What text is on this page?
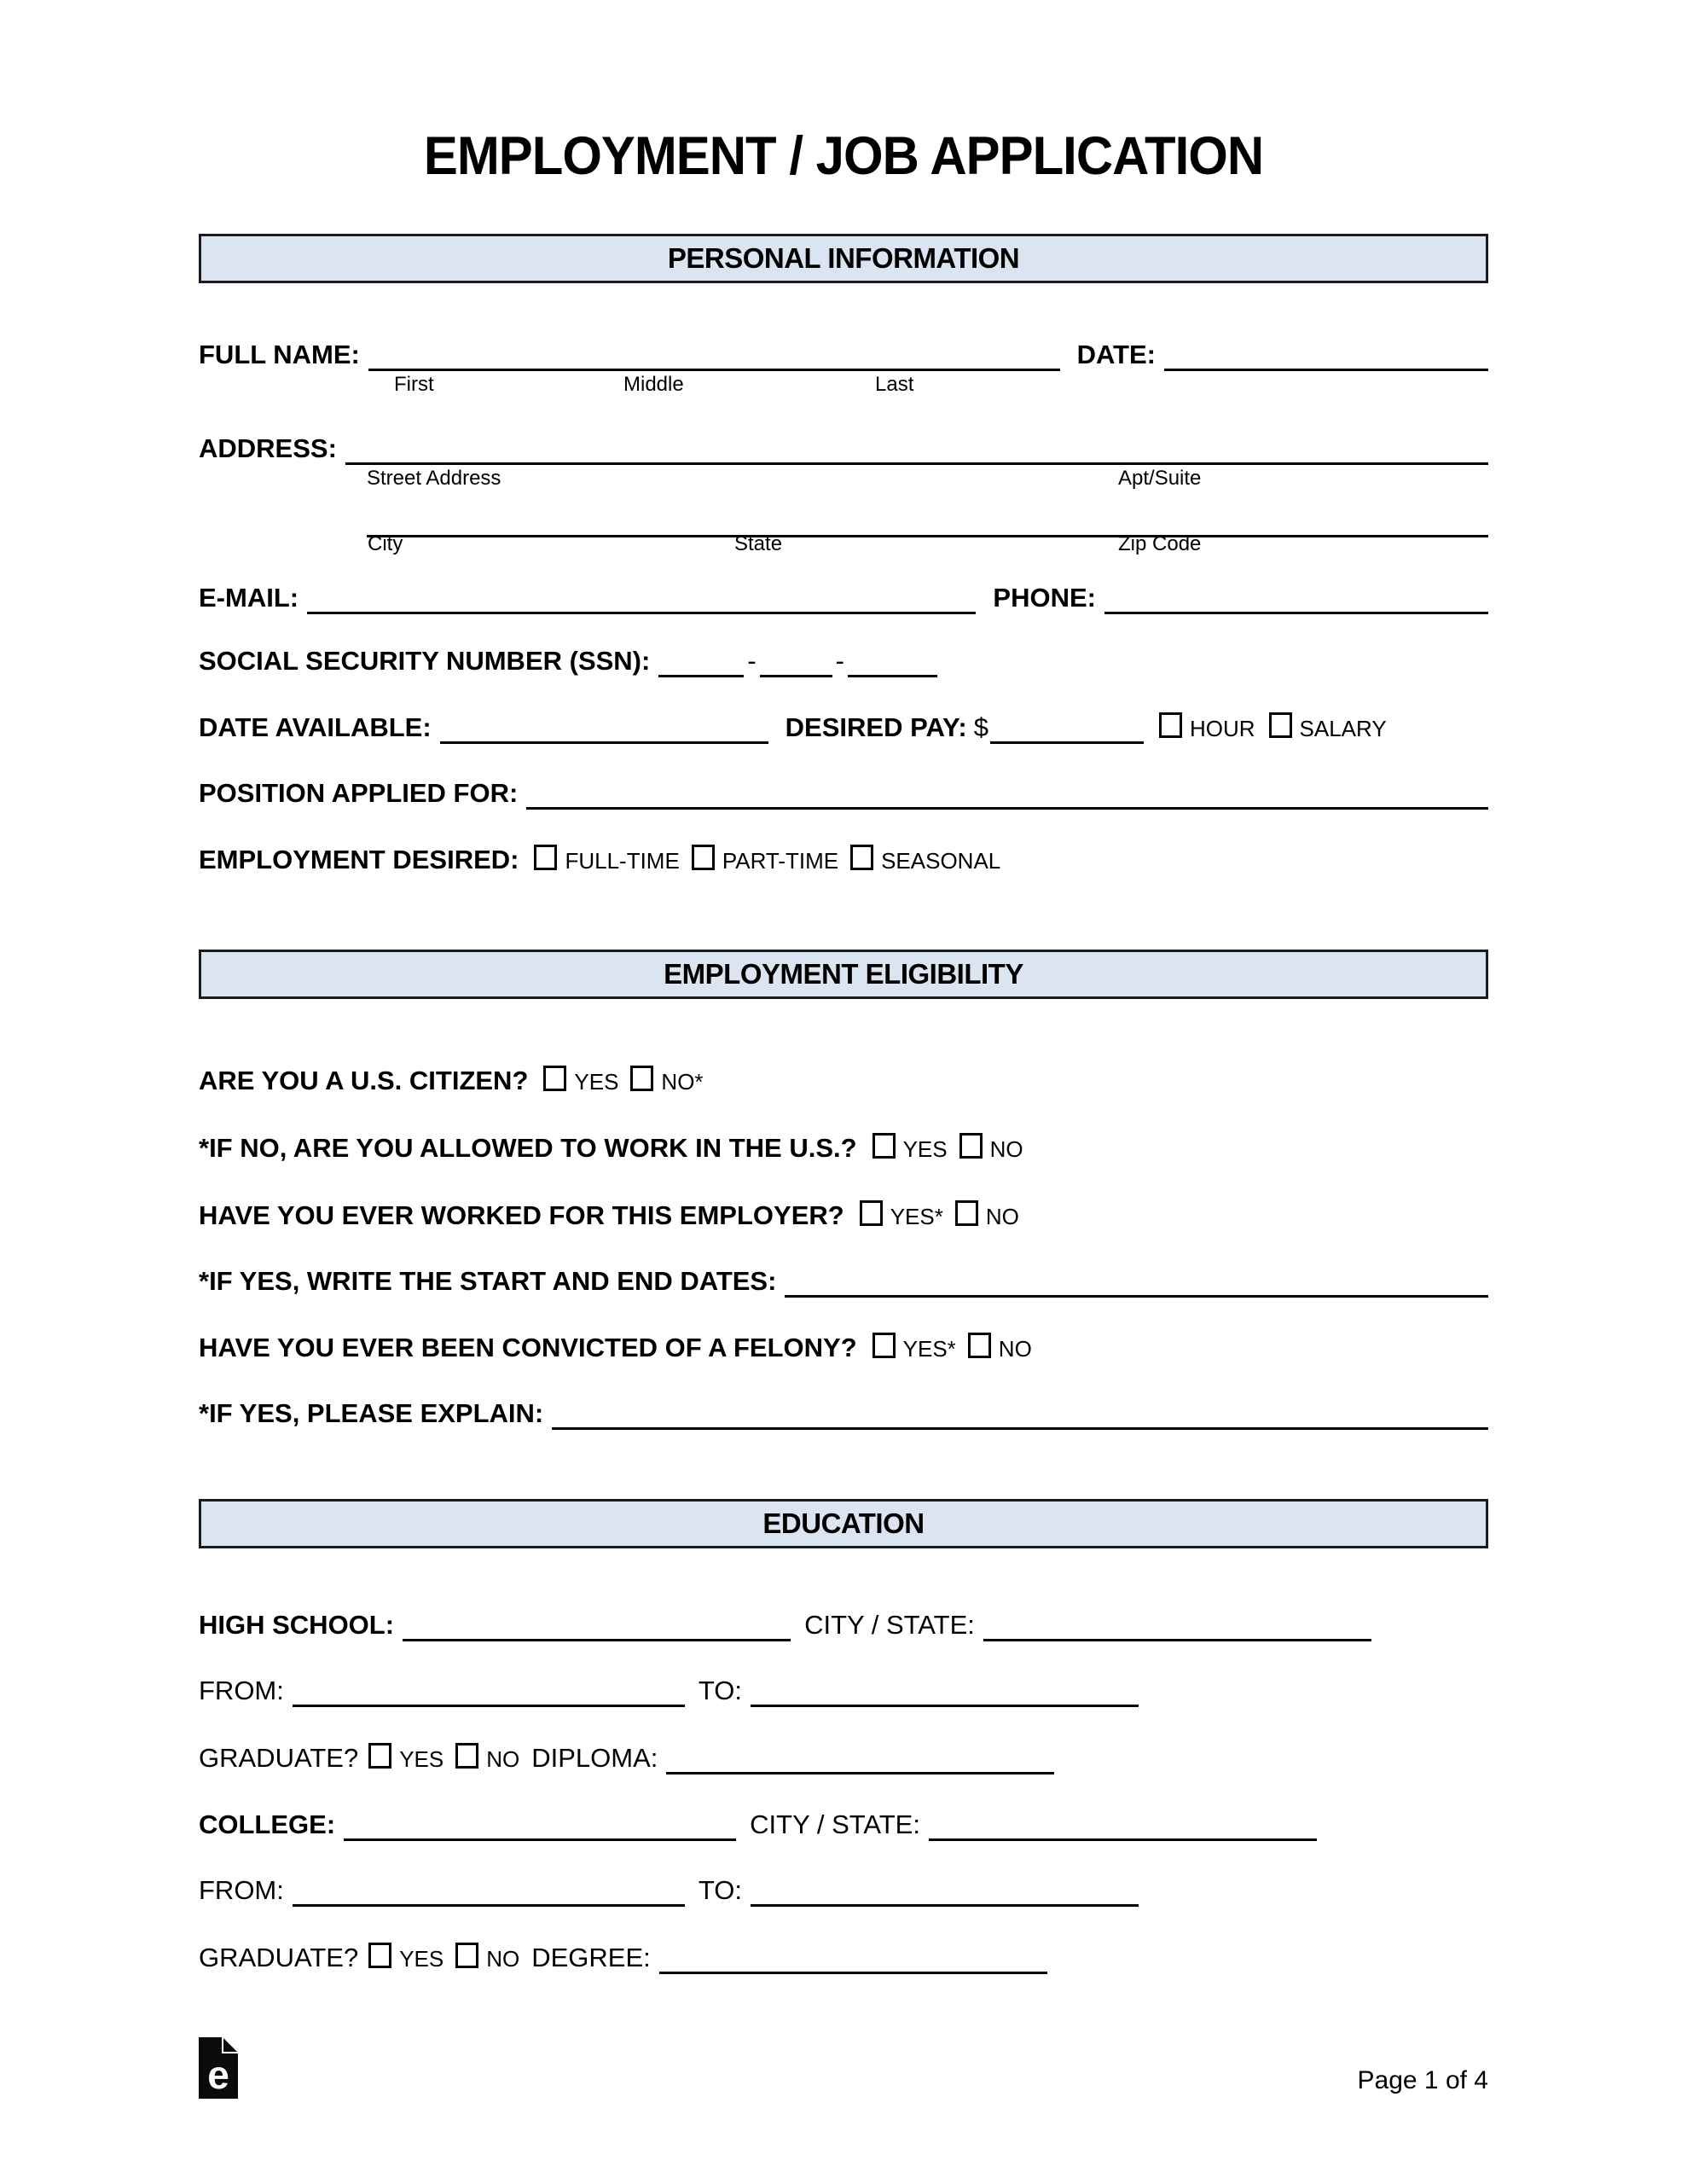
EMPLOYMENT / JOB APPLICATION
PERSONAL INFORMATION
FULL NAME:	DATE:
First	Middle	Last
ADDRESS:
Street Address	Apt/Suite
City	State	Zip Code
E-MAIL:	PHONE:
SOCIAL SECURITY NUMBER (SSN):	-	-
DATE AVAILABLE:	DESIRED PAY: $	HOUR	SALARY
POSITION APPLIED FOR:
EMPLOYMENT DESIRED:	FULL-TIME	PART-TIME	SEASONAL
EMPLOYMENT ELIGIBILITY
ARE YOU A U.S. CITIZEN?	YES	NO*
*IF NO, ARE YOU ALLOWED TO WORK IN THE U.S.?	YES	NO
HAVE YOU EVER WORKED FOR THIS EMPLOYER?	YES*	NO
*IF YES, WRITE THE START AND END DATES:
HAVE YOU EVER BEEN CONVICTED OF A FELONY?	YES*	NO
*IF YES, PLEASE EXPLAIN:
EDUCATION
HIGH SCHOOL:	CITY / STATE:
FROM:	TO:
GRADUATE?	YES	NO DIPLOMA:
COLLEGE:	CITY / STATE:
FROM:	TO:
GRADUATE?	YES	NO DEGREE:
e	Page 1 of 4
